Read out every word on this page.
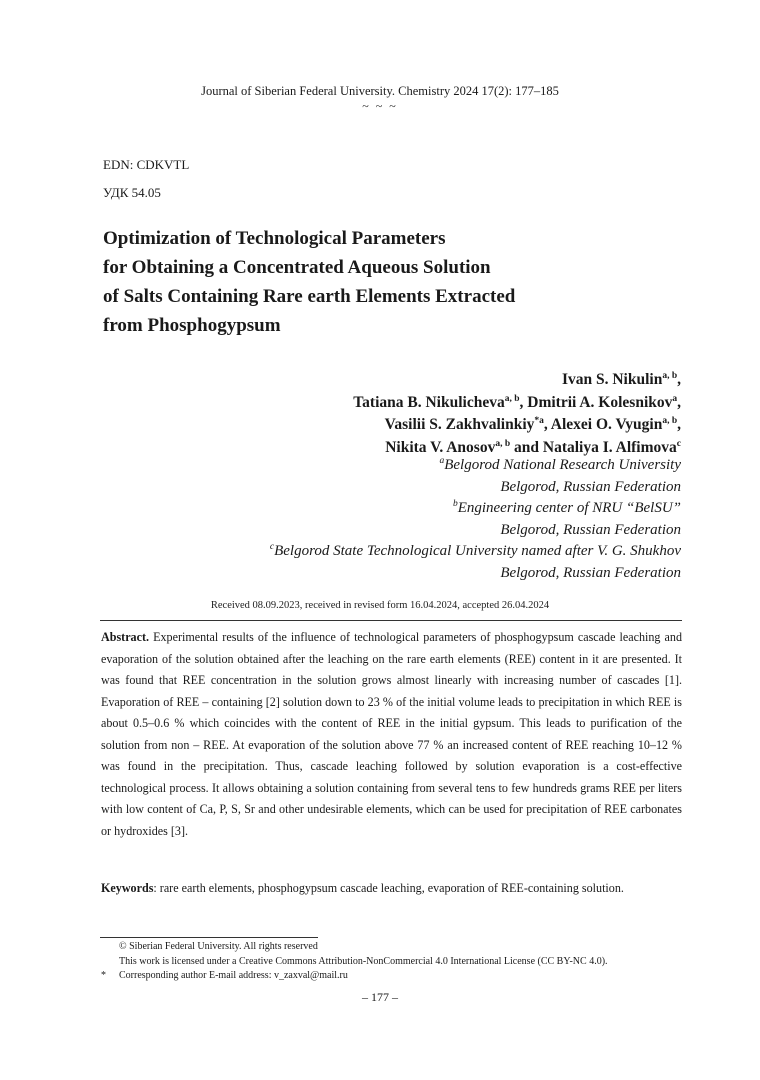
Journal of Siberian Federal University. Chemistry 2024 17(2): 177–185
~ ~ ~
EDN: CDKVTL
УДК 54.05
Optimization of Technological Parameters
for Obtaining a Concentrated Aqueous Solution
of Salts Containing Rare earth Elements Extracted
from Phosphogypsum
Ivan S. Nikulin$^{a, b}$,
Tatiana B. Nikulicheva$^{a, b}$, Dmitrii A. Kolesnikov$^a$,
Vasilii S. Zakhvalinkiy$^{*a}$, Alexei O. Vyugin$^{a, b}$,
Nikita V. Anosov$^{a, b}$ and Nataliya I. Alfimova$^c$
$^a$Belgorod National Research University
Belgorod, Russian Federation
$^b$Engineering center of NRU “BelSU”
Belgorod, Russian Federation
$^c$Belgorod State Technological University named after V. G. Shukhov
Belgorod, Russian Federation
Received 08.09.2023, received in revised form 16.04.2024, accepted 26.04.2024
Abstract. Experimental results of the influence of technological parameters of phosphogypsum cascade leaching and evaporation of the solution obtained after the leaching on the rare earth elements (REE) content in it are presented. It was found that REE concentration in the solution grows almost linearly with increasing number of cascades [1]. Evaporation of REE – containing [2] solution down to 23 % of the initial volume leads to precipitation in which REE is about 0.5–0.6 % which coincides with the content of REE in the initial gypsum. This leads to purification of the solution from non – REE. At evaporation of the solution above 77 % an increased content of REE reaching 10–12 % was found in the precipitation. Thus, cascade leaching followed by solution evaporation is a cost-effective technological process. It allows obtaining a solution containing from several tens to few hundreds grams REE per liters with low content of Ca, P, S, Sr and other undesirable elements, which can be used for precipitation of REE carbonates or hydroxides [3].
Keywords: rare earth elements, phosphogypsum cascade leaching, evaporation of REE-containing solution.
© Siberian Federal University. All rights reserved
This work is licensed under a Creative Commons Attribution-NonCommercial 4.0 International License (CC BY-NC 4.0).
* Corresponding author E-mail address: v_zaxval@mail.ru
– 177 –
